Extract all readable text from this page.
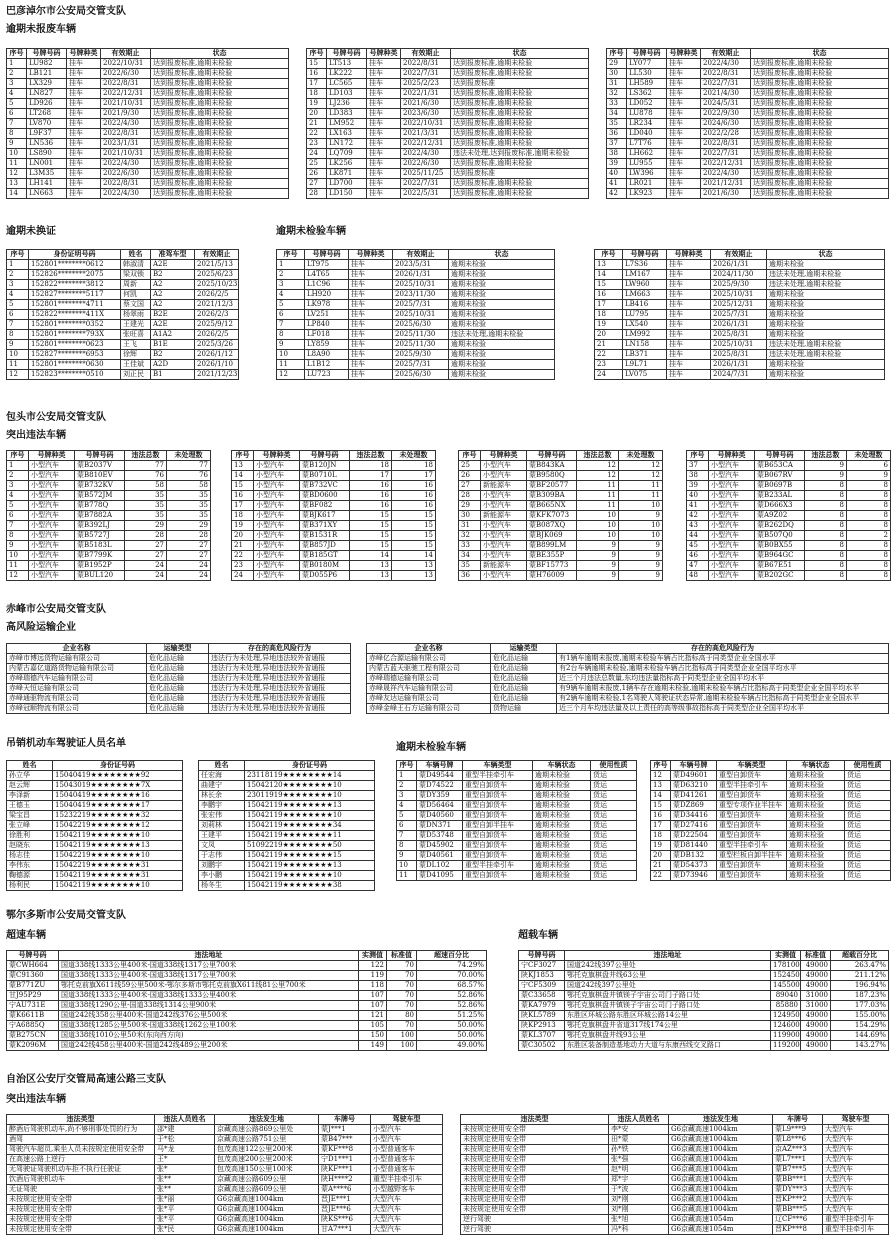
巴彦淖尔市公安局交管支队
逾期未报废车辆
序号	号牌号码	号牌种类	有效期止	状态
1	LU982	挂车	2022/10/31	达到报废标准,逾期未检验
2	LB121	挂车	2022/6/30	达到报废标准,逾期未检验
3	LX329	挂车	2022/8/31	达到报废标准,逾期未检验
4	LN827	挂车	2022/12/31	达到报废标准,逾期未检验
5	LD926	挂车	2021/10/31	达到报废标准,逾期未检验
6	LT268	挂车	2021/9/30	达到报废标准,逾期未检验
7	LV870	挂车	2022/4/30	达到报废标准,逾期未检验
8	L9F37	挂车	2022/8/31	达到报废标准,逾期未检验
9	LN536	挂车	2023/1/31	达到报废标准,逾期未检验
10	LS890	挂车	2021/10/31	达到报废标准,逾期未检验
11	LN001	挂车	2022/4/30	达到报废标准,逾期未检验
12	L3M35	挂车	2022/6/30	达到报废标准,逾期未检验
13	LH141	挂车	2022/8/31	达到报废标准,逾期未检验
14	LN663	挂车	2022/4/30	达到报废标准,逾期未检验
序号	号牌号码	号牌种类	有效期止	状态
15	LT513	挂车	2022/8/31	达到报废标准,逾期未检验
16	LK222	挂车	2022/7/31	达到报废标准,逾期未检验
17	LC565	挂车	2025/2/23	达到报废标准
18	LD103	挂车	2022/1/31	达到报废标准,逾期未检验
19	LJ236	挂车	2021/6/30	达到报废标准,逾期未检验
20	LD383	挂车	2023/6/30	达到报废标准,逾期未检验
21	LM952	挂车	2022/10/31	达到报废标准,逾期未检验
22	LX163	挂车	2021/3/31	达到报废标准,逾期未检验
23	LN172	挂车	2022/12/31	达到报废标准,逾期未检验
24	LQ709	挂车	2022/4/30	违法未处理,达到报废标准,逾期未检验
25	LK256	挂车	2022/6/30	达到报废标准,逾期未检验
26	LK871	挂车	2025/11/25	达到报废标准
27	LD700	挂车	2022/7/31	达到报废标准,逾期未检验
28	LD150	挂车	2022/5/31	达到报废标准,逾期未检验
序号	号牌号码	号牌种类	有效期止	状态
29	LY077	挂车	2022/4/30	达到报废标准,逾期未检验
30	LL530	挂车	2022/8/31	达到报废标准,逾期未检验
31	LH589	挂车	2022/7/31	达到报废标准,逾期未检验
32	LS362	挂车	2021/4/30	达到报废标准,逾期未检验
33	LD052	挂车	2024/5/31	达到报废标准,逾期未检验
34	LU878	挂车	2022/9/30	达到报废标准,逾期未检验
35	LR234	挂车	2024/6/30	达到报废标准,逾期未检验
36	LD040	挂车	2022/2/28	达到报废标准,逾期未检验
37	L7T76	挂车	2022/8/31	达到报废标准,逾期未检验
38	LH662	挂车	2022/7/31	达到报废标准,逾期未检验
39	LU955	挂车	2022/12/31	达到报废标准,逾期未检验
40	LW396	挂车	2022/4/30	达到报废标准,逾期未检验
41	LR021	挂车	2021/12/31	达到报废标准,逾期未检验
42	LK923	挂车	2021/6/30	达到报废标准,逾期未检验
逾期未换证	逾期未检验车辆
序号	身份证明号码	姓名	准驾车型	有效期止
1	152801********0612	韩淑清	A2E	2021/5/13
2	152826********2075	梁双锁	B2	2025/6/23
3	152822********3812	周新	A2	2025/10/23
4	152827********5117	何凯	A2	2026/2/5
5	152801********4711	蔡文国	A2	2021/12/3
6	152822********411X	杨翠雨	B2E	2026/2/3
7	152801********0352	王建光	A2E	2025/9/12
8	152801********793X	张旺喜	A1A2	2026/2/5
9	152801********0623	王飞	B1E	2025/3/26
10	152827********6953	徐辉	B2	2026/1/12
11	152801********0630	王佳斌	A2D	2026/1/10
12	152823********0510	刘正民	B1	2021/12/23
序号	号牌号码	号牌种类	有效期止	状态
1	LT975	挂车	2023/5/31	逾期未检验
2	L4T65	挂车	2026/1/31	逾期未检验
3	L1C96	挂车	2025/10/31	逾期未检验
4	LH920	挂车	2023/11/30	逾期未检验
5	LK978	挂车	2025/7/31	逾期未检验
6	LV251	挂车	2025/10/31	逾期未检验
7	LP840	挂车	2025/6/30	逾期未检验
8	LF018	挂车	2025/11/30	违法未处理,逾期未检验
9	LY859	挂车	2025/11/30	逾期未检验
10	L8A90	挂车	2025/9/30	逾期未检验
11	L1B12	挂车	2025/7/31	逾期未检验
12	LU723	挂车	2025/6/30	逾期未检验
序号	号牌号码	号牌种类	有效期止	状态
13	L7S36	挂车	2026/1/31	逾期未检验
14	LM167	挂车	2024/11/30	违法未处理,逾期未检验
15	LW960	挂车	2025/9/30	违法未处理,逾期未检验
16	LM663	挂车	2025/10/31	逾期未检验
17	LB416	挂车	2025/12/31	逾期未检验
18	LU795	挂车	2025/7/31	逾期未检验
19	LX540	挂车	2026/1/31	逾期未检验
20	LM992	挂车	2025/8/31	逾期未检验
21	LN158	挂车	2025/10/31	违法未处理,逾期未检验
22	LB371	挂车	2025/8/31	违法未处理,逾期未检验
23	L9L71	挂车	2026/1/31	逾期未检验
24	LV075	挂车	2024/7/31	逾期未检验
包头市公安局交管支队
突出违法车辆
序号	号牌种类	号牌号码	违法总数	未处理数
1	小型汽车	蒙B2037V	77	77
2	小型汽车	蒙B810EV	76	76
3	小型汽车	蒙B732KV	58	58
4	小型汽车	蒙B572JM	35	35
5	小型汽车	蒙B778Q	35	35
6	小型汽车	蒙B7882A	35	35
7	小型汽车	蒙B392LJ	29	29
8	小型汽车	蒙B5727J	28	28
9	小型汽车	蒙B5183L	27	27
10	小型汽车	蒙B7799K	27	27
11	小型汽车	蒙B1952P	24	24
12	小型汽车	蒙BUL120	24	24
序号	号牌种类	号牌号码	违法总数	未处理数
13	小型汽车	蒙B120JN	18	18
14	小型汽车	蒙B0710L	17	17
15	小型汽车	蒙B732VC	16	16
16	小型汽车	蒙BD0600	16	16
17	小型汽车	蒙BF082	16	16
18	小型汽车	蒙BJK617	15	15
19	小型汽车	蒙B371XY	15	15
20	小型汽车	蒙B1531R	15	15
21	小型汽车	蒙B857JD	15	15
22	小型汽车	蒙B185GT	14	14
23	小型汽车	蒙B0180M	13	13
24	小型汽车	蒙D055P6	13	13
序号	号牌种类	号牌号码	违法总数	未处理数
25	小型汽车	蒙B843KA	12	12
26	小型汽车	蒙B9580Q	12	12
27	新能源车	蒙BF20577	11	11
28	小型汽车	蒙B309BA	11	11
29	小型汽车	蒙B665NX	11	10
30	新能源车	蒙KFK7073	10	9
31	小型汽车	蒙B087XQ	10	10
32	小型汽车	蒙BJK069	10	10
33	小型汽车	蒙B899LM	9	9
34	小型汽车	蒙BE355P	9	9
35	新能源车	蒙BF15773	9	9
36	小型汽车	蒙H76009	9	9
序号	号牌种类	号牌号码	违法总数	未处理数
37	小型汽车	蒙B653CA	9	6
38	小型汽车	蒙B067RV	9	9
39	小型汽车	蒙B0697B	8	8
40	小型汽车	蒙B233AL	8	8
41	小型汽车	蒙D666X3	8	8
42	小型汽车	蒙A9Z02	8	8
43	小型汽车	蒙B262DQ	8	8
44	小型汽车	蒙B507Q0	8	2
45	小型汽车	蒙B0BX55	8	8
46	小型汽车	蒙B964GC	8	8
47	小型汽车	蒙B67E51	8	8
48	小型汽车	蒙B202GC	8	8
赤峰市公安局交管支队
高风险运输企业
企业名称	运输类型	存在的高危风险行为
赤峰市博远货物运输有限公司	危化品运输	违法行为未处理,异地违法较外省通报
内蒙古嘉亿道路货物运输有限公司	危化品运输	违法行为未处理,异地违法较外省通报
赤峰瑞德汽车运输有限公司	危化品运输	违法行为未处理,异地违法较外省通报
赤峰天恒运输有限公司	危化品运输	违法行为未处理,异地违法较外省通报
赤峰通驱物流有限公司	危化品运输	违法行为未处理,异地违法较外省通报
赤峰冠顺物流有限公司	危化品运输	违法行为未处理,异地违法较外省通报
企业名称	运输类型	存在的高危风险行为
赤峰亿合源运输有限公司	危化品运输	有1辆车逾期未报废,逾期未检验车辆占比指标高于同类型企业全国水平
内蒙古蓝天驱驰工程有限公司	危化品运输	有2台车辆逾期未检验,逾期未检验车辆占比指标高于同类型企业全国平均水平
赤峰瑞德运输有限公司	危化品运输	近三个月违法总数量,东均违法量指标高于同类型企业全国平均水平
赤峰晟祥汽车运输有限公司	危化品运输	有9辆车逾期未报废,1辆车存在逾期未检验,逾期未检验车辆占比指标高于同类型企业全国平均水平
赤峰友达运输有限公司	危化品运输	有2辆车逾期未检验,1名驾驶人驾驶证状态异常,逾期未检验车辆占比指标高于同类型企业全国水平
赤峰金峰王石方运输有限公司	货物运输	近三个月车均违法量及以上责任的高等级事故指标高于同类型企业全国平均水平
吊销机动车驾驶证人员名单	逾期未检验车辆
姓名	身份证号码
孙立华	15040419★★★★★★★★92
赵云辉	15043019★★★★★★★★7X
李泽新	15040419★★★★★★★★16
王德玉	15040419★★★★★★★★17
梁宝昌	15232219★★★★★★★★32
张立峰	15042219★★★★★★★★12
徐胜利	15042119★★★★★★★★10
赵晓东	15042119★★★★★★★★13
杨志佳	15042219★★★★★★★★10
李伟东	15042219★★★★★★★★31
鞠德源	15042119★★★★★★★★31
杨利民	15042119★★★★★★★★10
姓名	身份证号码
任宏海	23118119★★★★★★★★14
曲建宁	15042120★★★★★★★★10
林长余	23011919★★★★★★★★10
李鹏宇	15042119★★★★★★★★13
张宏伟	15042119★★★★★★★★10
刘莉林	15042119★★★★★★★★34
王建平	15042119★★★★★★★★11
文凤	51092219★★★★★★★★50
于志伟	15042119★★★★★★★★15
刘鹏宇	15042119★★★★★★★★13
李小鹏	15042119★★★★★★★★10
杨冬生	15042119★★★★★★★★38
序号	车辆号牌	车辆类型	车辆状态	使用性质
1	蒙D49544	重型半挂牵引车	逾期未检验	货运
2	蒙D74522	重型自卸货车	逾期未检验	货运
3	蒙DY359	重型自卸货车	逾期未检验	货运
4	蒙D56464	重型自卸货车	逾期未检验	货运
5	蒙D40560	重型自卸货车	逾期未检验	货运
6	蒙DN371	重型自卸半挂车	逾期未检验	货运
7	蒙D53748	重型自卸货车	逾期未检验	货运
8	蒙D45902	重型自卸货车	逾期未检验	货运
9	蒙D40561	重型自卸货车	逾期未检验	货运
10	蒙DL102	重型半挂牵引车	逾期未检验	货运
11	蒙D41095	重型自卸货车	逾期未检验	货运
序号	车辆号牌	车辆类型	车辆状态	使用性质
12	蒙D49601	重型自卸货车	逾期未检验	货运
13	蒙D63210	重型半挂牵引车	逾期未检验	货运
14	蒙D41261	重型自卸货车	逾期未检验	货运
15	蒙DZ869	重型专项作业半挂车	逾期未检验	货运
16	蒙D34416	重型自卸货车	逾期未检验	货运
17	蒙D27416	重型自卸货车	逾期未检验	货运
18	蒙D22504	重型自卸货车	逾期未检验	货运
19	蒙D81440	重型半挂牵引车	逾期未检验	货运
20	蒙DB132	重型栏板自卸半挂车	逾期未检验	货运
21	蒙D54373	重型自卸货车	逾期未检验	货运
22	蒙D73946	重型自卸货车	逾期未检验	货运
鄂尔多斯市公安局交管支队
超速车辆	超载车辆
号牌号码	违法地址	实测值	标准值	超速百分比
蒙CWH664	国道338线1333公里400米-国道338线1317公里700米	122	70	74.29%
蒙C91360	国道338线1333公里400米-国道338线1317公里700米	119	70	70.00%
蒙B771ZU	鄂托克前旗X611线59公里500米-鄂尔多斯市鄂托克前旗X611线81公里700米	118	70	68.57%
甘J95P29	国道338线1333公里400米-国道338线1333公里400米	107	70	52.86%
宁AU731E	国道338线1290公里-国道338线1314公里900米	107	70	52.86%
蒙K6611B	国道242线358公里400米-国道242线376公里500米	121	80	51.25%
宁A6885Q	国道338线1285公里500米-国道338线1262公里100米	105	70	50.00%
蒙B275CN	国道338线1010公里50米(东向西方向)	150	100	50.00%
蒙K2096M	国道242线458公里400米-国道242线489公里200米	149	100	49.00%
号牌号码	违法地址	实测值	标准值	超载百分比
宁CF3027	国道242线397公里处	178100	49000	263.47%
陕KJ1853	鄂托克旗棋盘井线63公里	152450	49000	211.12%
宁CF5309	国道242线397公里处	145500	49000	196.94%
蒙C33658	鄂托克旗棋盘井镇镁子宇宙公司门子路口处	89040	31000	187.23%
蒙KA7979	鄂托克旗棋盘井镇镁子宇宙公司门子路口处	85880	31000	177.03%
陕KL5789	东胜区环城公路东胜区环城公路14公里	124950	49000	155.00%
陕KP2913	鄂托克旗棋盘井省道317线174公里	124600	49000	154.29%
蒙KL3707	鄂托克旗棋盘井线93公里	119900	49000	144.69%
蒙C30502	东胜区装备制造基地动力大道与东康西线交叉路口	119200	49000	143.27%
自治区公安厅交管局高速公路三支队
突出违法车辆
违法类型	违法人员姓名	违法发生地	车牌号	驾驶车型
醉酒后驾驶机动车,尚不够刑事处罚的行为	邵*建	京藏高速公路869公里处	蒙J***1	小型汽车
酒驾	于*松	京藏高速公路751公里	蒙B47***	小型汽车
驾驶汽车超员,乘坐人员未按规定使用安全带	马*龙	包茂高速122公里200米	蒙KF***8	小型普通客车
在高速公路上逆行	王*	包茂高速200公里200米	宁D1***1	小型普通客车
无驾驶证驾驶机动车拒不执行任驶证	张*	包茂高速150公里100米	陕KF***1	小型普通客车
饮酒后驾驶机动车	张**	京藏高速公路609公里	陕H****2	重型半挂牵引车
无证驾驶	张**	京藏高速公路609公里	蒙A****6	小型越野客车
未按规定使用安全带	张*丽	G6京藏高速1004km	晋JE***1	大型汽车
未按规定使用安全带	张*平	G6京藏高速1004km	晋JE***6	大型汽车
未按规定使用安全带	张*平	G6京藏高速1004km	陕KS***6	大型汽车
未按规定使用安全带	张*民	G6京藏高速1004km	甘A7***1	大型汽车
违法类型	违法人员姓名	违法发生地	车牌号	驾驶车型
未按规定使用安全带	李*安	G6京藏高速1004km	蒙L9***9	大型汽车
未按规定使用安全带	田*蒙	G6京藏高速1004km	蒙L8***6	大型汽车
未按规定使用安全带	孙*铁	G6京藏高速1004km	京AZ***3	大型汽车
未按规定使用安全带	张*强	G6京藏高速1004km	蒙L7***1	大型汽车
未按规定使用安全带	赵*明	G6京藏高速1004km	蒙B7***5	大型汽车
未按规定使用安全带	郑*宇	G6京藏高速1004km	蒙BB***1	大型汽车
未按规定使用安全带	于*波	G6京藏高速1004km	蒙DY***3	大型汽车
未按规定使用安全带	刘*刚	G6京藏高速1004km	晋KP***2	大型汽车
未按规定使用安全带	刘*刚	G6京藏高速1004km	蒙BB***5	大型汽车
逆行驾驶	张*旭	G6京藏高速1054m	辽CF***6	重型半挂牵引车
逆行驾驶	冯*科	G6京藏高速1054m	晋KP***8	重型半挂牵引车
